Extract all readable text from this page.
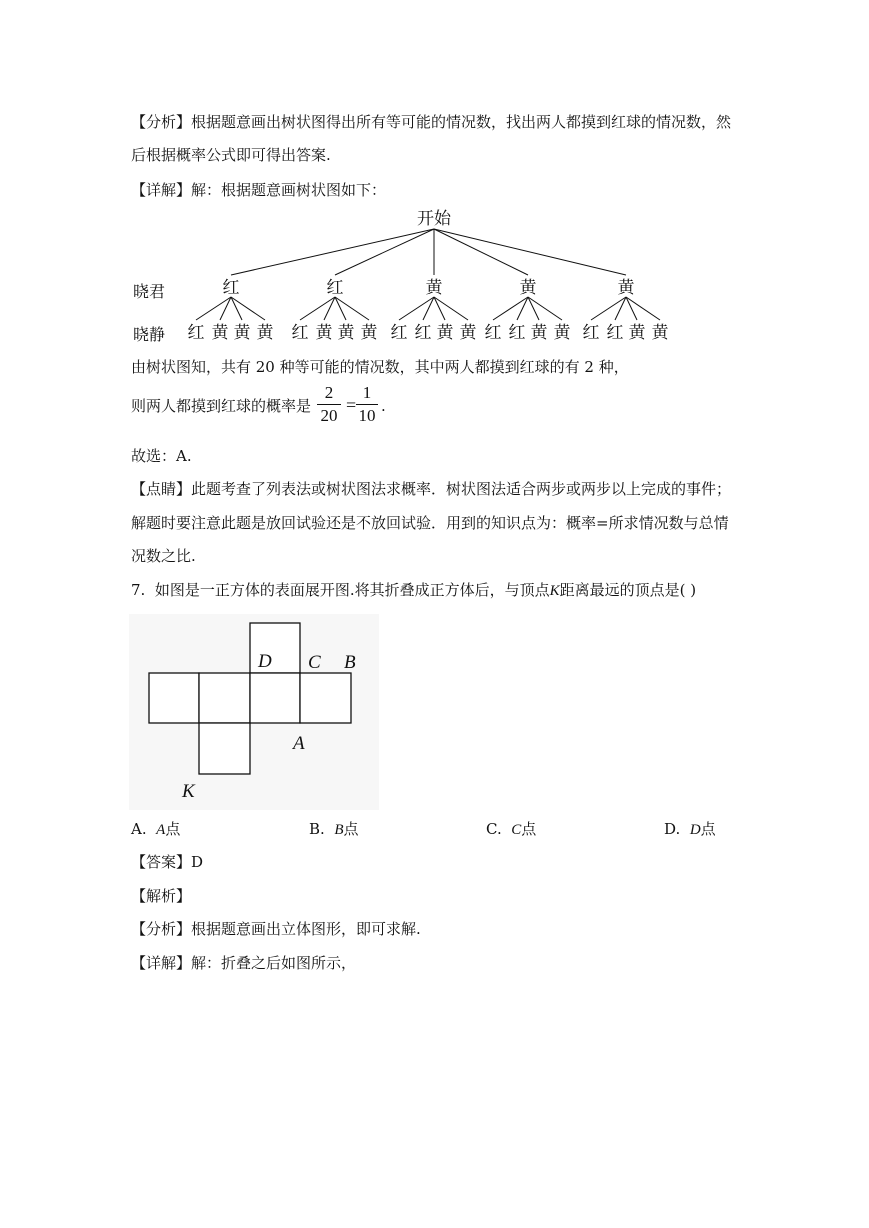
【分析】根据题意画出树状图得出所有等可能的情况数，找出两人都摸到红球的情况数，然
后根据概率公式即可得出答案.
【详解】解：根据题意画树状图如下：
开始
晓君
晓静
红	红	黄	黄	黄
红 黄 黄 黄 红 黄 黄 黄 红 红 黄 黄 红 红 黄 黄 红 红 黄 黄
由树状图知，共有 20 种等可能的情况数，其中两人都摸到红球的有 2 种，
则两人都摸到红球的概率是
2
20
=
1
10 .
故选：A.
【点睛】此题考查了列表法或树状图法求概率．树状图法适合两步或两步以上完成的事件；
解题时要注意此题是放回试验还是不放回试验．用到的知识点为：概率=所求情况数与总情
况数之比.
7. 如图是一正方体的表面展开图.将其折叠成正方体后，与顶点K距离最远的顶点是( )
D C B
A
K
A. A点	B. B点	C. C点	D. D点
【答案】D
【解析】
【分析】根据题意画出立体图形，即可求解.
【详解】解：折叠之后如图所示，
